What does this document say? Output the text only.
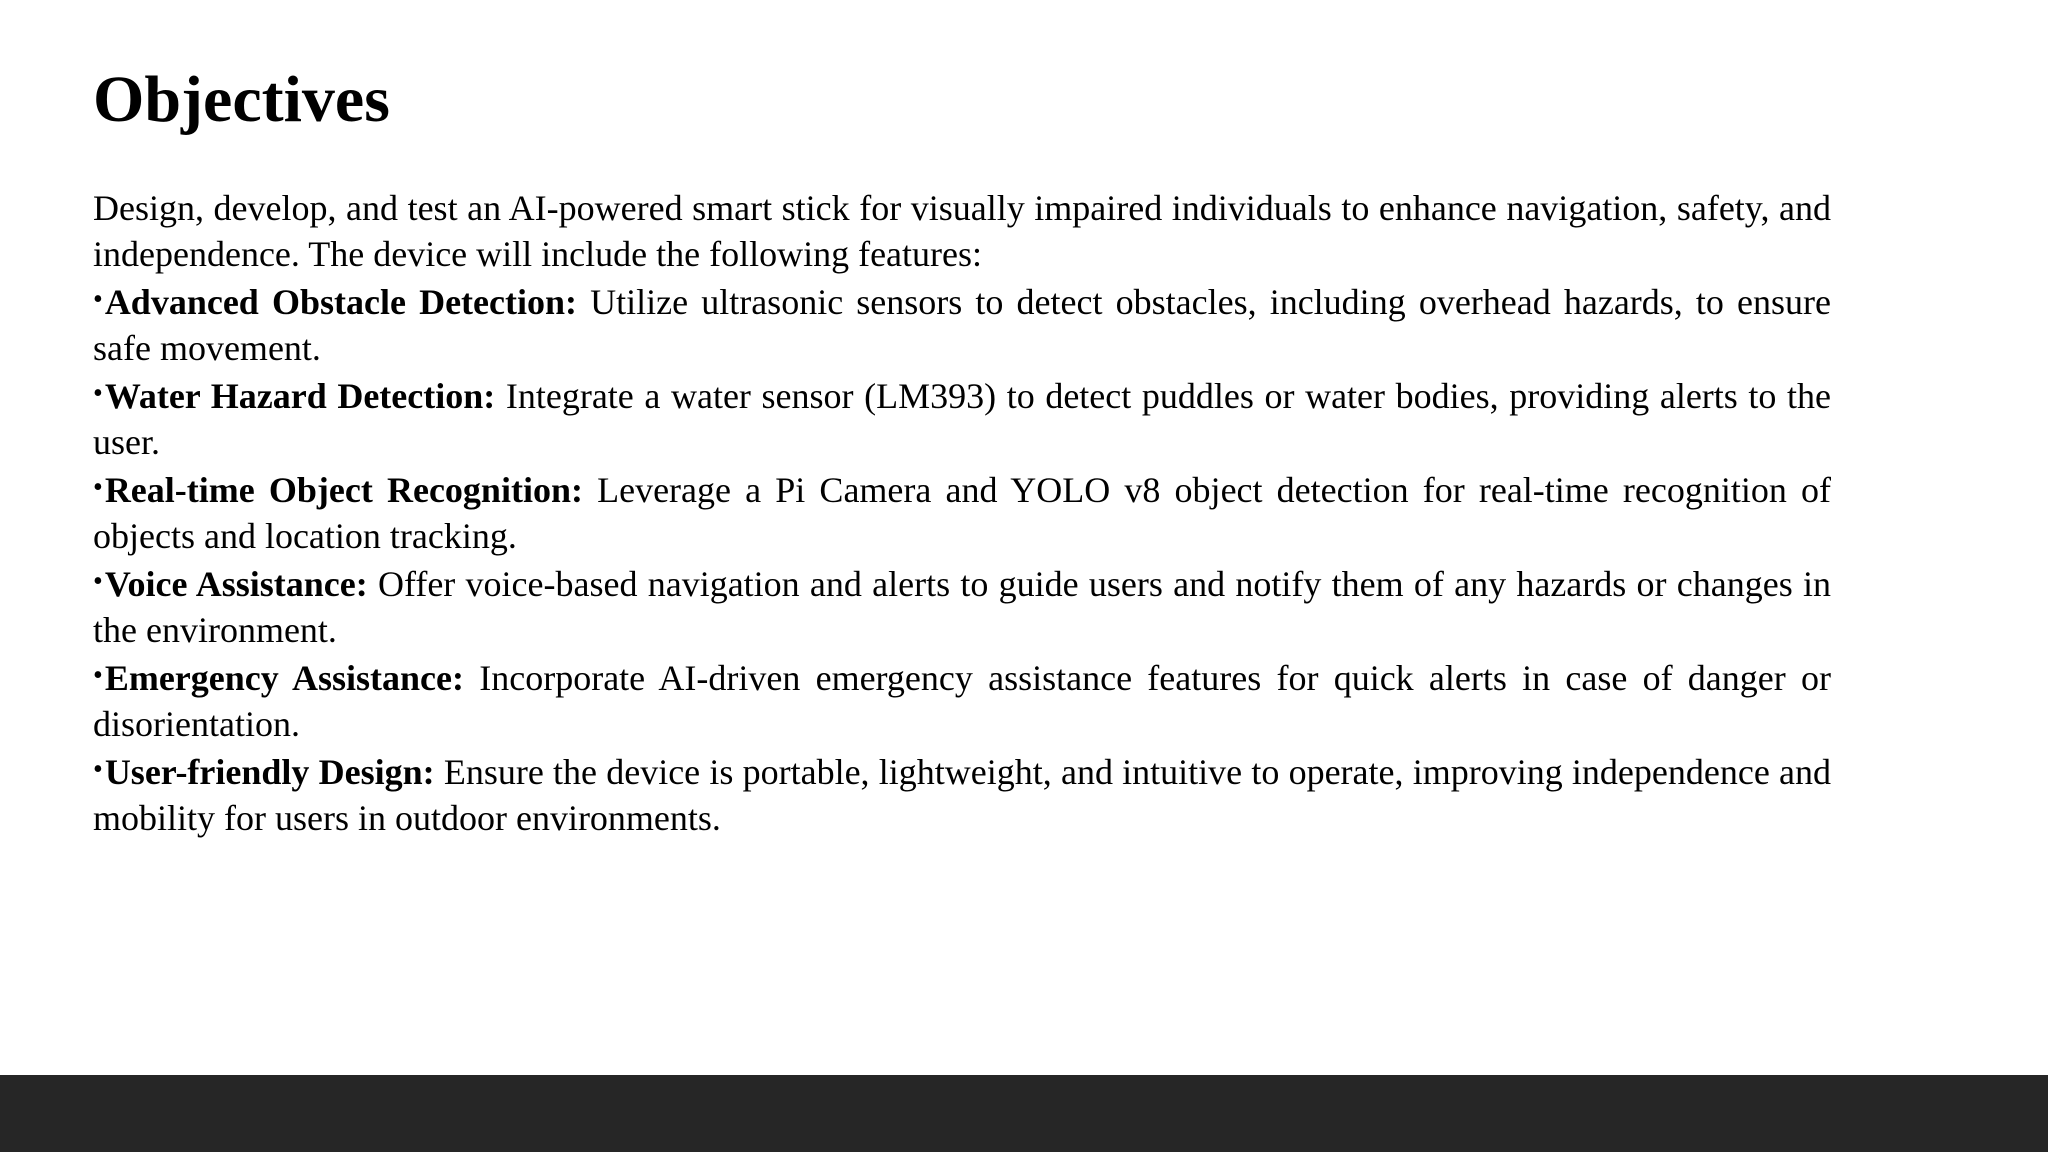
Objectives

Design, develop, and test an AI-powered smart stick for visually impaired individuals to enhance navigation, safety, and independence. The device will include the following features:

•Advanced Obstacle Detection: Utilize ultrasonic sensors to detect obstacles, including overhead hazards, to ensure safe movement.

•Water Hazard Detection: Integrate a water sensor (LM393) to detect puddles or water bodies, providing alerts to the user.

•Real-time Object Recognition: Leverage a Pi Camera and YOLO v8 object detection for real-time recognition of objects and location tracking.

•Voice Assistance: Offer voice-based navigation and alerts to guide users and notify them of any hazards or changes in the environment.

•Emergency Assistance: Incorporate AI-driven emergency assistance features for quick alerts in case of danger or disorientation.

•User-friendly Design: Ensure the device is portable, lightweight, and intuitive to operate, improving independence and mobility for users in outdoor environments.
